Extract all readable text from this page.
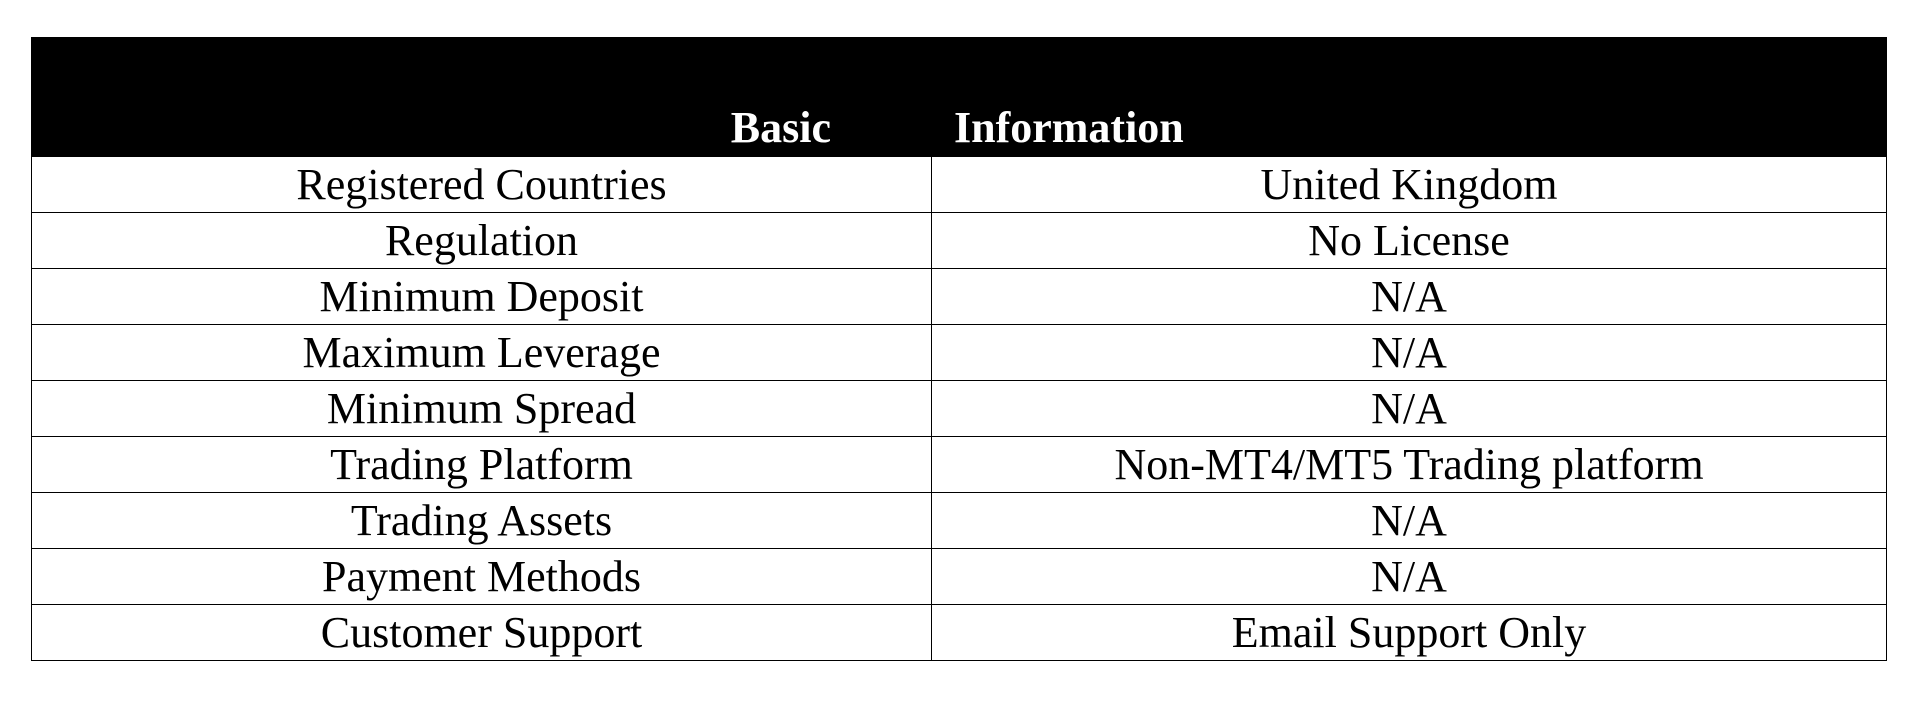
Basic	Information
Registered Countries	United Kingdom
Regulation	No License
Minimum Deposit	N/A
Maximum Leverage	N/A
Minimum Spread	N/A
Trading Platform	Non-MT4/MT5 Trading platform
Trading Assets	N/A
Payment Methods	N/A
Customer Support	Email Support Only
